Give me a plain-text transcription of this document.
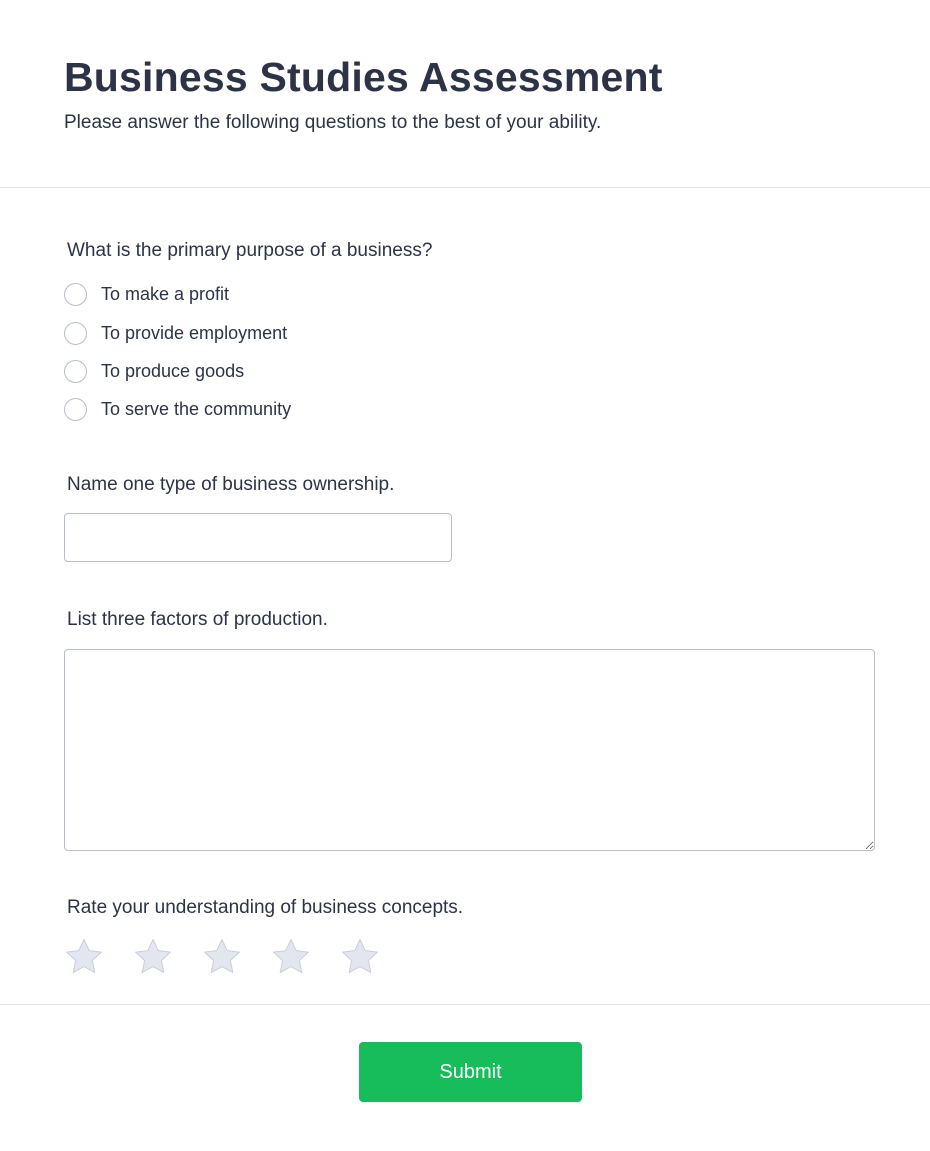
Business Studies Assessment

Please answer the following questions to the best of your ability.

What is the primary purpose of a business?
To make a profit
To provide employment
To produce goods
To serve the community
Name one type of business ownership.
List three factors of production.
Rate your understanding of business concepts.
Submit
